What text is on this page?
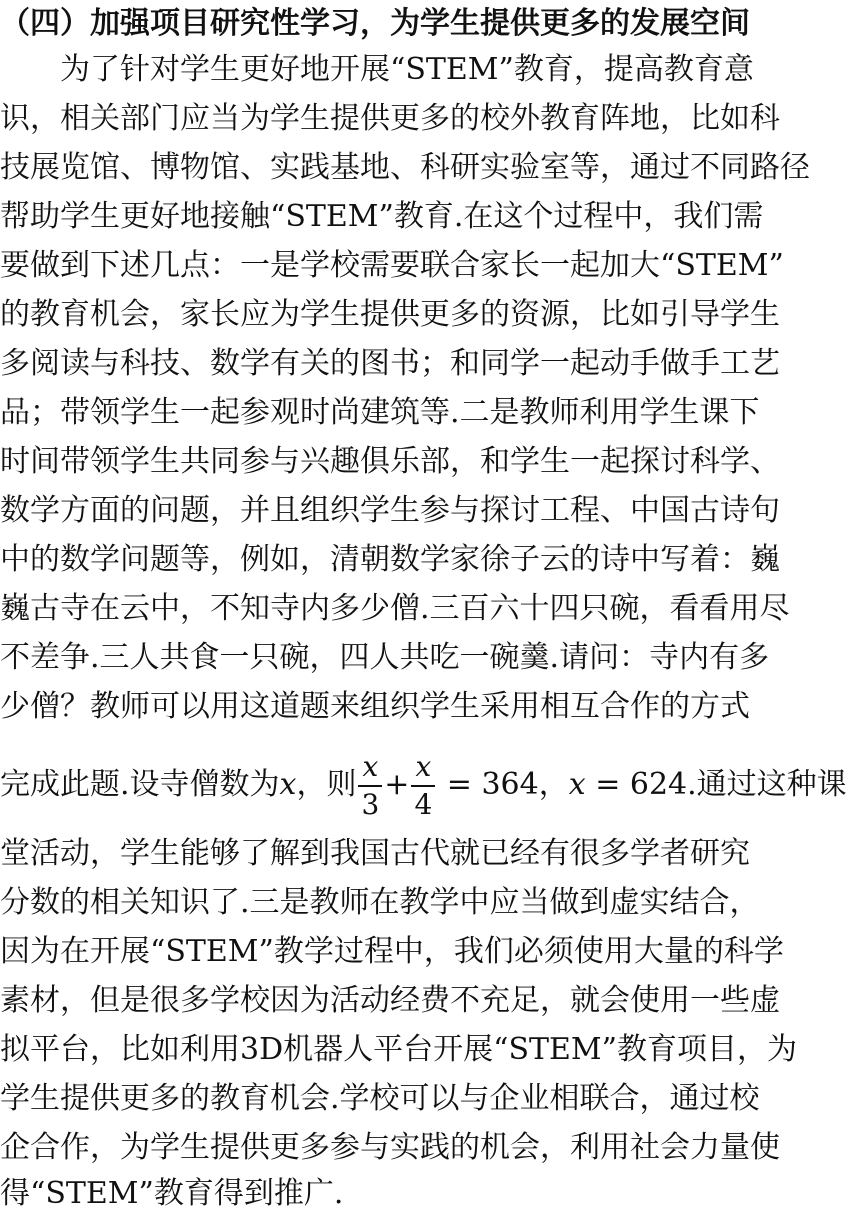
（四）加强项目研究性学习，为学生提供更多的发展空间
为了针对学生更好地开展“STEM”教育，提高教育意
识，相关部门应当为学生提供更多的校外教育阵地，比如科
技展览馆、博物馆、实践基地、科研实验室等，通过不同路径
帮助学生更好地接触“STEM”教育.在这个过程中，我们需
要做到下述几点：一是学校需要联合家长一起加大“STEM”
的教育机会，家长应为学生提供更多的资源，比如引导学生
多阅读与科技、数学有关的图书；和同学一起动手做手工艺
品；带领学生一起参观时尚建筑等.二是教师利用学生课下
时间带领学生共同参与兴趣俱乐部，和学生一起探讨科学、
数学方面的问题，并且组织学生参与探讨工程、中国古诗句
中的数学问题等，例如，清朝数学家徐子云的诗中写着：巍
巍古寺在云中，不知寺内多少僧.三百六十四只碗，看看用尽
不差争.三人共食一只碗，四人共吃一碗羹.请问：寺内有多
少僧？教师可以用这道题来组织学生采用相互合作的方式
完成此题.设寺僧数为x，则 $\frac{x}{3} + \frac{x}{4} = 364$，x = 624.通过这种课
堂活动，学生能够了解到我国古代就已经有很多学者研究
分数的相关知识了.三是教师在教学中应当做到虚实结合，
因为在开展“STEM”教学过程中，我们必须使用大量的科学
素材，但是很多学校因为活动经费不充足，就会使用一些虚
拟平台，比如利用3D机器人平台开展“STEM”教育项目，为
学生提供更多的教育机会.学校可以与企业相联合，通过校
企合作，为学生提供更多参与实践的机会，利用社会力量使
得“STEM”教育得到推广.
